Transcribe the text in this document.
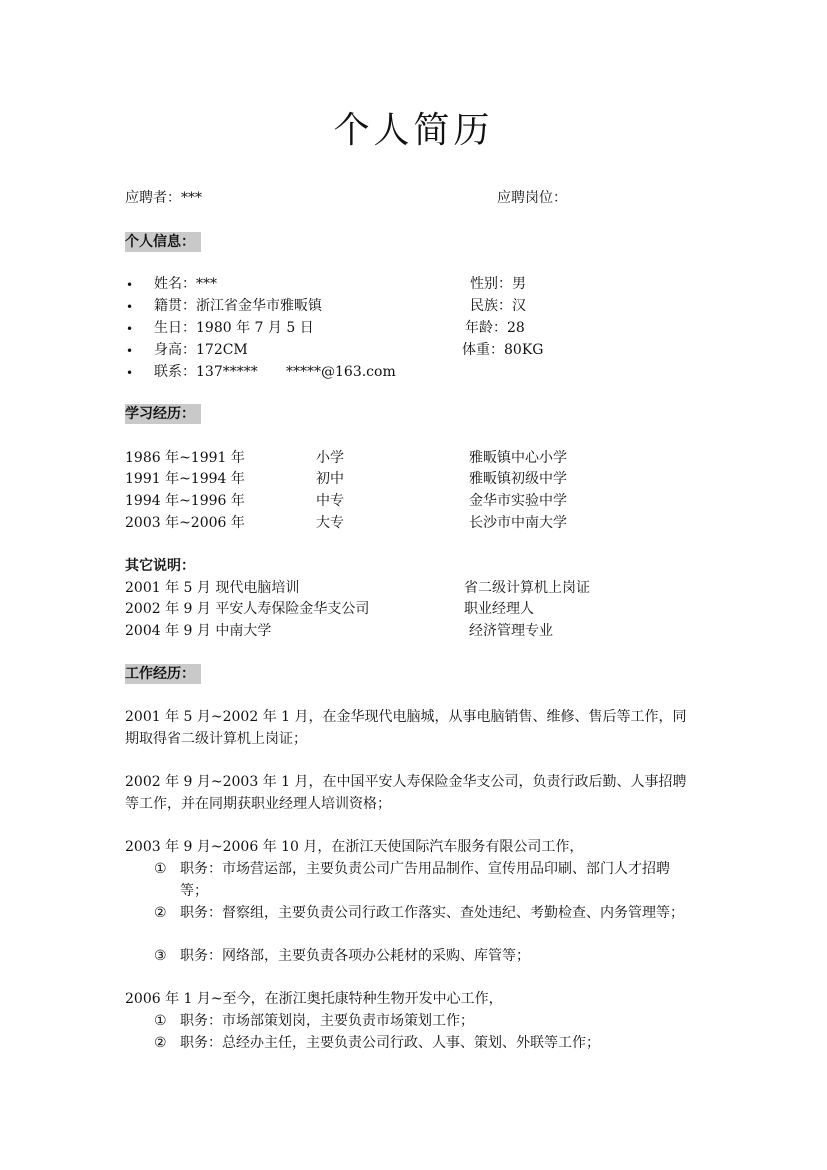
个人简历
应聘者：***	应聘岗位：
个人信息：
• 姓名：***	性别：男
• 籍贯：浙江省金华市雅畈镇	民族：汉
• 生日：1980 年 7 月 5 日	年龄：28
• 身高：172CM	体重：80KG
• 联系：137***** *****@163.com
学习经历：
1986 年~1991 年	小学	雅畈镇中心小学
1991 年~1994 年	初中	雅畈镇初级中学
1994 年~1996 年	中专	金华市实验中学
2003 年~2006 年	大专	长沙市中南大学
其它说明：
2001 年 5 月 现代电脑培训	省二级计算机上岗证
2002 年 9 月 平安人寿保险金华支公司	职业经理人
2004 年 9 月 中南大学	经济管理专业
工作经历：
2001 年 5 月~2002 年 1 月，在金华现代电脑城，从事电脑销售、维修、售后等工作，同期取得省二级计算机上岗证；
2002 年 9 月~2003 年 1 月，在中国平安人寿保险金华支公司，负责行政后勤、人事招聘等工作，并在同期获职业经理人培训资格；
2003 年 9 月~2006 年 10 月，在浙江天使国际汽车服务有限公司工作，
① 职务：市场营运部，主要负责公司广告用品制作、宣传用品印刷、部门人才招聘
等；
② 职务：督察组，主要负责公司行政工作落实、查处违纪、考勤检查、内务管理等；
③ 职务：网络部，主要负责各项办公耗材的采购、库管等；
2006 年 1 月~至今，在浙江奥托康特种生物开发中心工作，
① 职务：市场部策划岗，主要负责市场策划工作；
② 职务：总经办主任，主要负责公司行政、人事、策划、外联等工作；
